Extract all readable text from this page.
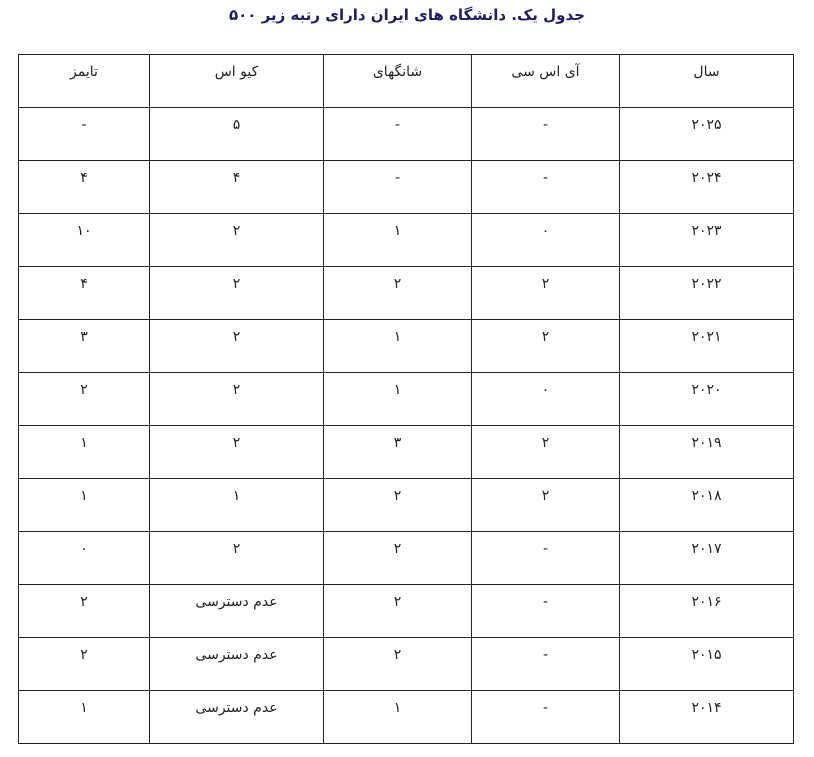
جدول یک. دانشگاه های ایران دارای رتبه زیر ۵۰۰
سال	آی اس سی	شانگهای	کیو اس	تایمز
۲۰۲۵	-	-	۵	-
۲۰۲۴	-	-	۴	۴
۲۰۲۳	۰	۱	۲	۱۰
۲۰۲۲	۲	۲	۲	۴
۲۰۲۱	۲	۱	۲	۳
۲۰۲۰	۰	۱	۲	۲
۲۰۱۹	۲	۳	۲	۱
۲۰۱۸	۲	۲	۱	۱
۲۰۱۷	-	۲	۲	۰
۲۰۱۶	-	۲	عدم دسترسی	۲
۲۰۱۵	-	۲	عدم دسترسی	۲
۲۰۱۴	-	۱	عدم دسترسی	۱
